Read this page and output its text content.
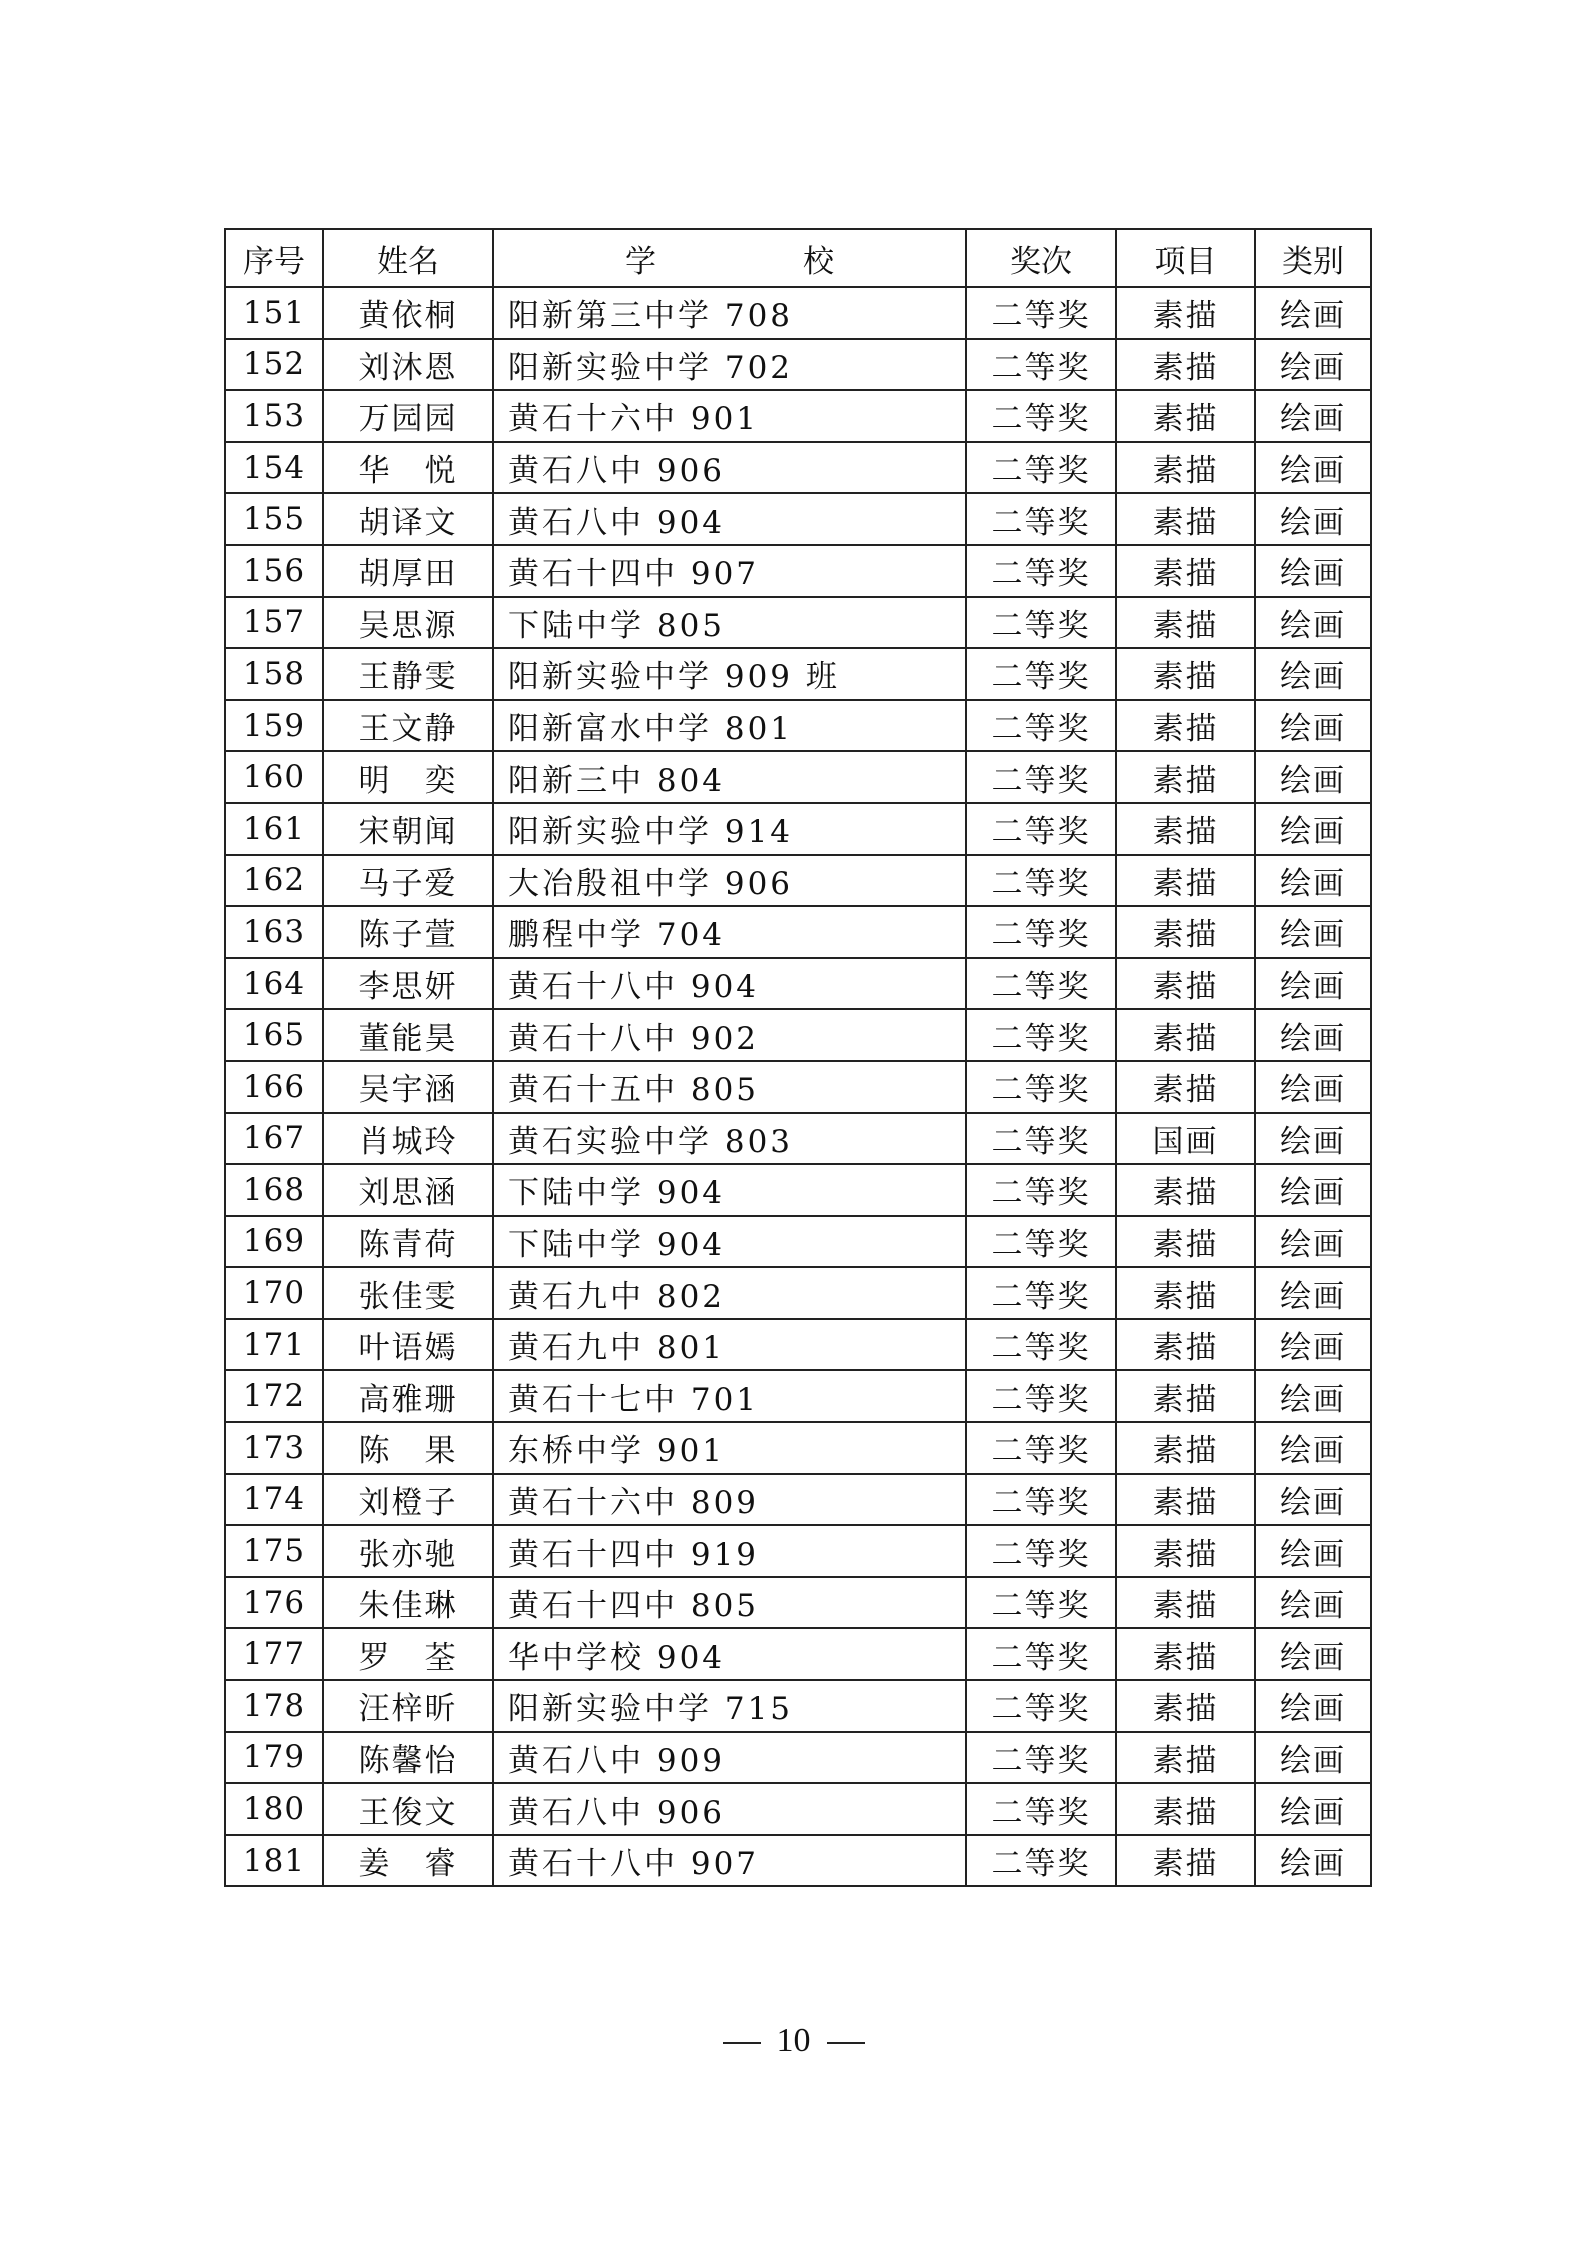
序号	姓名	学　校	奖次	项目	类别
151	黄依桐	阳新第三中学 708	二等奖	素描	绘画
152	刘沐恩	阳新实验中学 702	二等奖	素描	绘画
153	万园园	黄石十六中 901	二等奖	素描	绘画
154	华　悦	黄石八中 906	二等奖	素描	绘画
155	胡译文	黄石八中 904	二等奖	素描	绘画
156	胡厚田	黄石十四中 907	二等奖	素描	绘画
157	吴思源	下陆中学 805	二等奖	素描	绘画
158	王静雯	阳新实验中学 909 班	二等奖	素描	绘画
159	王文静	阳新富水中学 801	二等奖	素描	绘画
160	明　奕	阳新三中 804	二等奖	素描	绘画
161	宋朝闻	阳新实验中学 914	二等奖	素描	绘画
162	马子爱	大冶殷祖中学 906	二等奖	素描	绘画
163	陈子萱	鹏程中学 704	二等奖	素描	绘画
164	李思妍	黄石十八中 904	二等奖	素描	绘画
165	董能昊	黄石十八中 902	二等奖	素描	绘画
166	吴宇涵	黄石十五中 805	二等奖	素描	绘画
167	肖城玲	黄石实验中学 803	二等奖	国画	绘画
168	刘思涵	下陆中学 904	二等奖	素描	绘画
169	陈青荷	下陆中学 904	二等奖	素描	绘画
170	张佳雯	黄石九中 802	二等奖	素描	绘画
171	叶语嫣	黄石九中 801	二等奖	素描	绘画
172	高雅珊	黄石十七中 701	二等奖	素描	绘画
173	陈　果	东桥中学 901	二等奖	素描	绘画
174	刘橙子	黄石十六中 809	二等奖	素描	绘画
175	张亦驰	黄石十四中 919	二等奖	素描	绘画
176	朱佳琳	黄石十四中 805	二等奖	素描	绘画
177	罗　荃	华中学校 904	二等奖	素描	绘画
178	汪梓昕	阳新实验中学 715	二等奖	素描	绘画
179	陈馨怡	黄石八中 909	二等奖	素描	绘画
180	王俊文	黄石八中 906	二等奖	素描	绘画
181	姜　睿	黄石十八中 907	二等奖	素描	绘画
10
